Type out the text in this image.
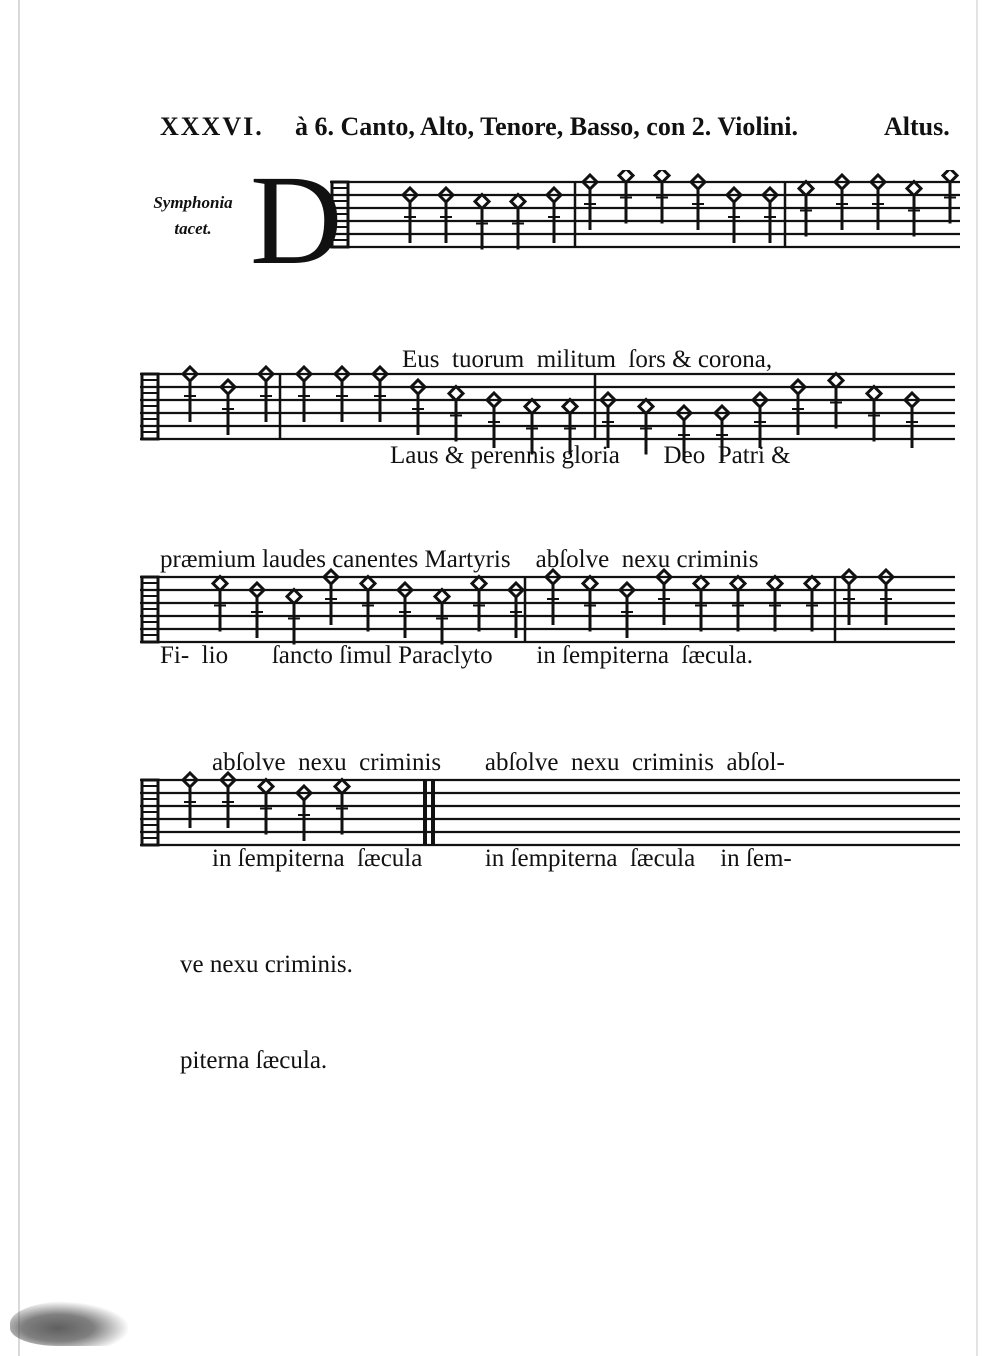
XXXVI. à 6. Canto, Alto, Tenore, Basso, con 2. Violini.	Altus.
Symphonia
tacet. D

Eus  tuorum  militum  ſors & corona,

Laus & perennis gloria       Deo  Patri &

præmium laudes canentes Martyris    abſolve  nexu criminis

Fi-  lio       ſancto ſimul Paraclyto       in ſempiterna  ſæcula.

abſolve  nexu  criminis       abſolve  nexu  criminis  abſol-

in ſempiterna  ſæcula          in ſempiterna  ſæcula    in ſem-

ve nexu criminis.

piterna ſæcula.
